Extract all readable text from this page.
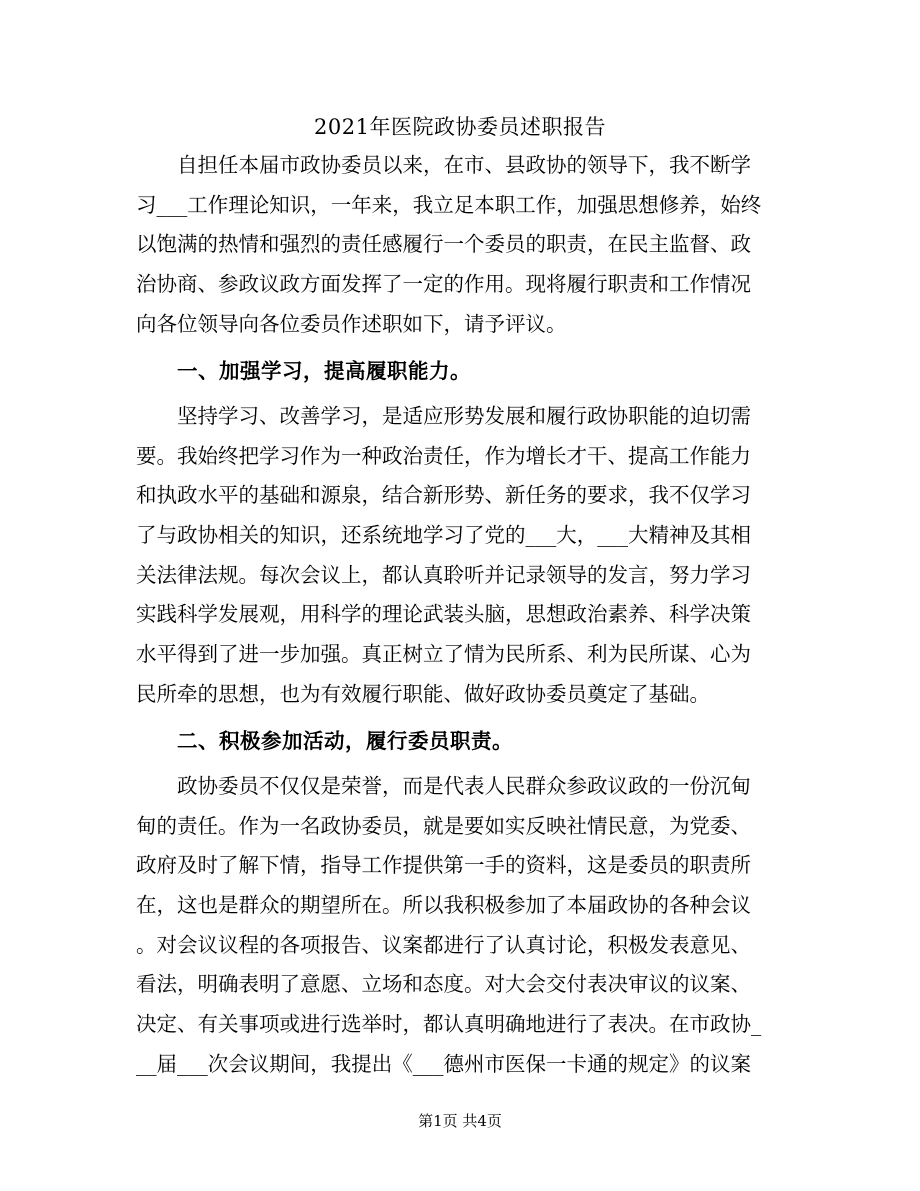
2021年医院政协委员述职报告
自担任本届市政协委员以来，在市、县政协的领导下，我不断学
习___工作理论知识，一年来，我立足本职工作，加强思想修养，始终
以饱满的热情和强烈的责任感履行一个委员的职责，在民主监督、政
治协商、参政议政方面发挥了一定的作用。现将履行职责和工作情况
向各位领导向各位委员作述职如下，请予评议。
一、加强学习，提高履职能力。
坚持学习、改善学习，是适应形势发展和履行政协职能的迫切需
要。我始终把学习作为一种政治责任，作为增长才干、提高工作能力
和执政水平的基础和源泉，结合新形势、新任务的要求，我不仅学习
了与政协相关的知识，还系统地学习了党的___大，___大精神及其相
关法律法规。每次会议上，都认真聆听并记录领导的发言，努力学习
实践科学发展观，用科学的理论武装头脑，思想政治素养、科学决策
水平得到了进一步加强。真正树立了情为民所系、利为民所谋、心为
民所牵的思想，也为有效履行职能、做好政协委员奠定了基础。
二、积极参加活动，履行委员职责。
政协委员不仅仅是荣誉，而是代表人民群众参政议政的一份沉甸
甸的责任。作为一名政协委员，就是要如实反映社情民意，为党委、
政府及时了解下情，指导工作提供第一手的资料，这是委员的职责所
在，这也是群众的期望所在。所以我积极参加了本届政协的各种会议
。对会议议程的各项报告、议案都进行了认真讨论，积极发表意见、
看法，明确表明了意愿、立场和态度。对大会交付表决审议的议案、
决定、有关事项或进行选举时，都认真明确地进行了表决。在市政协_
__届___次会议期间，我提出《___德州市医保一卡通的规定》的议案
第1页 共4页
